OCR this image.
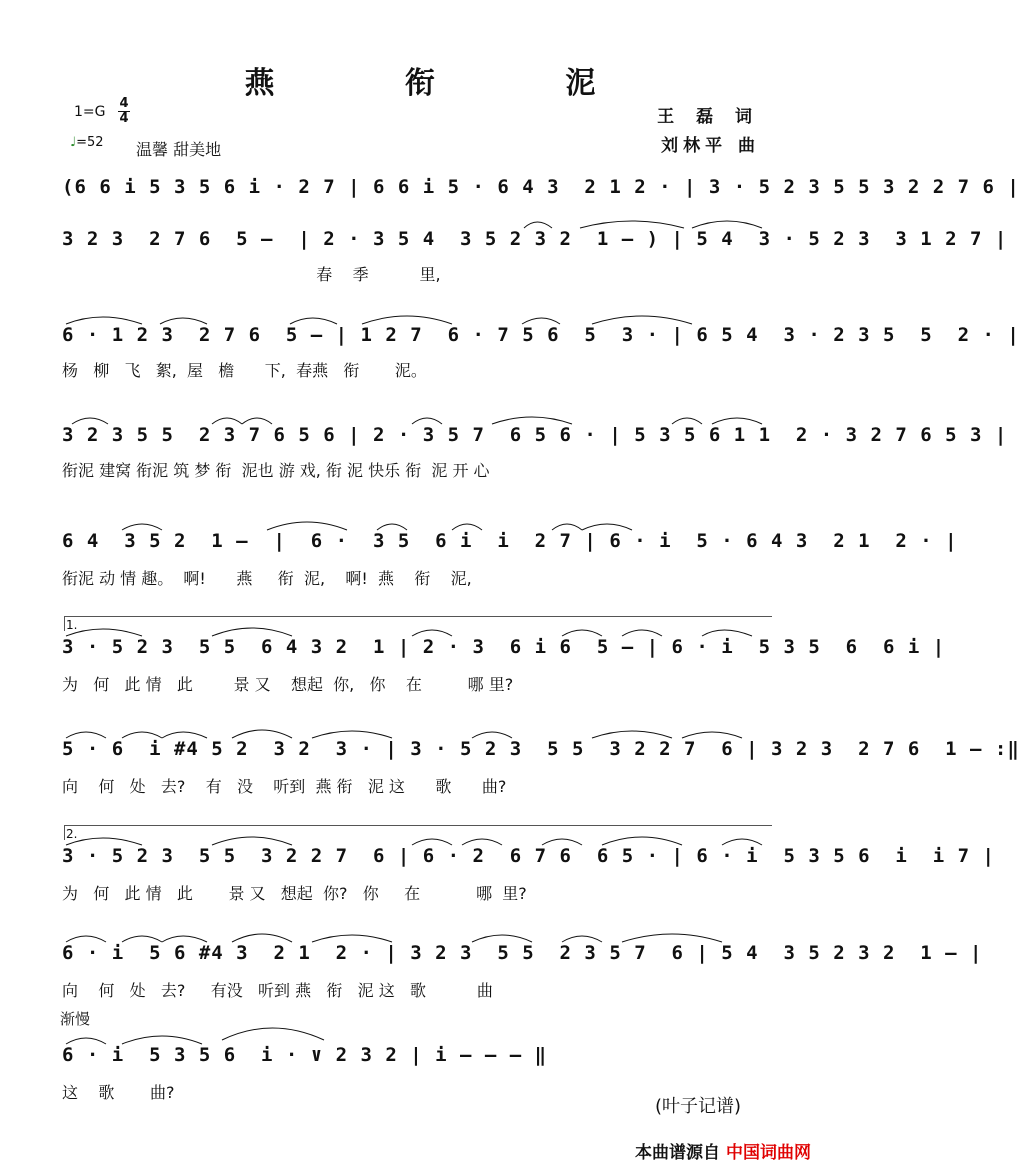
燕 衔 泥
1=G
4
4
♩=52 温馨 甜美地
王 磊 词
刘林平 曲
(6 6 i 5 3 5 6 i · 2 7 | 6 6 i 5 · 6 4 3  2 1 2 · | 3 · 5 2 3 5 5 3 2 2 7 6 |
3 2 3  2 7 6  5 –  | 2 · 3 5 4  3 5 2 3 2  1 – ) | 5 4  3 · 5 2 3  3 1 2 7 |
春    季          里,
6 · 1 2 3  2 7 6  5 – | 1 2 7  6 · 7 5 6  5  3 · | 6 5 4  3 · 2 3 5  5  2 · |
杨   柳   飞   絮,  屋   檐      下,  春燕   衔       泥。
3 2 3 5 5  2 3 7 6 5 6 | 2 · 3 5 7  6 5 6 · | 5 3 5 6 1 1  2 · 3 2 7 6 5 3 |
衔泥 建窝 衔泥 筑 梦 衔  泥也 游 戏, 衔 泥 快乐 衔  泥 开 心
6 4  3 5 2  1 –  |  6 ·  3 5  6 i  i  2 7 | 6 · i  5 · 6 4 3  2 1  2 · |
衔泥 动 情 趣。  啊!      燕     衔  泥,    啊!  燕    衔    泥,
1.
3 · 5 2 3  5 5  6 4 3 2  1 | 2 · 3  6 i 6  5 – | 6 · i  5 3 5  6  6 i |
为   何   此 情   此        景 又    想起  你,   你    在         哪 里?
5 · 6  i #4 5 2  3 2  3 · | 3 · 5 2 3  5 5  3 2 2 7  6 | 3 2 3  2 7 6  1 – :‖
向    何   处   去?    有   没    听到  燕 衔   泥 这      歌      曲?
2.
3 · 5 2 3  5 5  3 2 2 7  6 | 6 · 2  6 7 6  6 5 · | 6 · i  5 3 5 6  i  i 7 |
为   何   此 情   此       景 又   想起  你?   你     在           哪  里?
6 · i  5 6 #4 3  2 1  2 · | 3 2 3  5 5  2 3 5 7  6 | 5 4  3 5 2 3 2  1 – |
向    何   处   去?     有没   听到 燕   衔   泥 这   歌          曲
渐慢
6 · i  5 3 5 6  i · ∨ 2 3 2 | i – – – ‖
这    歌       曲?
(叶子记谱)
本曲谱源自 中国词曲网
